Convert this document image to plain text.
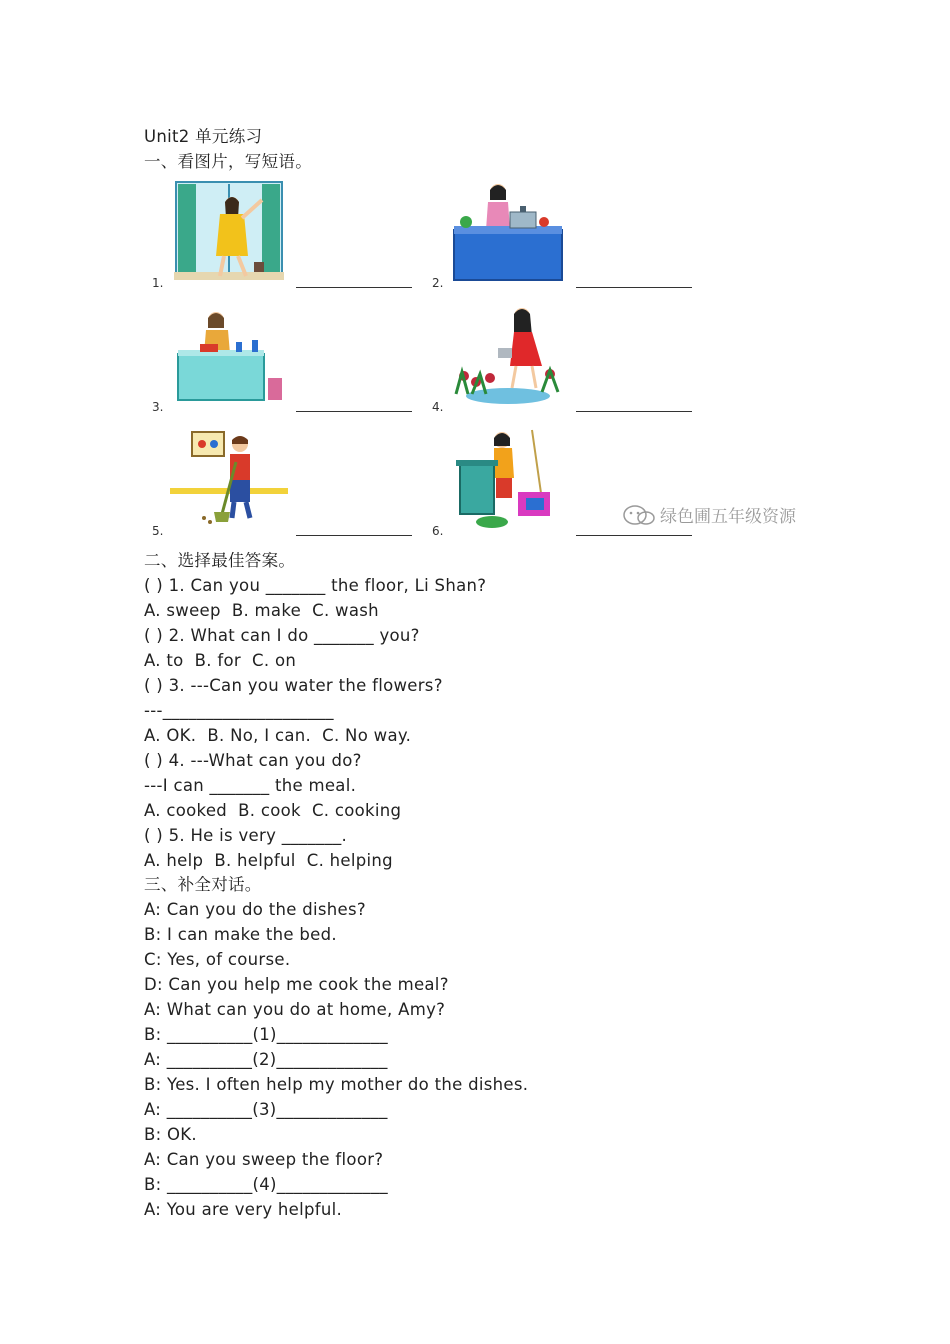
Unit2 单元练习
一、看图片，写短语。
1.	2.
3.	4.
5.	6.
绿色圃五年级资源
二、选择最佳答案。
( ) 1. Can you _______ the floor, Li Shan?
A. sweep  B. make  C. wash
( ) 2. What can I do _______ you?
A. to  B. for  C. on
( ) 3. ---Can you water the flowers?
---____________________
A. OK.  B. No, I can.  C. No way.
( ) 4. ---What can you do?
---I can _______ the meal.
A. cooked  B. cook  C. cooking
( ) 5. He is very _______.
A. help  B. helpful  C. helping
三、补全对话。
A: Can you do the dishes?
B: I can make the bed.
C: Yes, of course.
D: Can you help me cook the meal?
A: What can you do at home, Amy?
B: __________(1)_____________
A: __________(2)_____________
B: Yes. I often help my mother do the dishes.
A: __________(3)_____________
B: OK.
A: Can you sweep the floor?
B: __________(4)_____________
A: You are very helpful.
